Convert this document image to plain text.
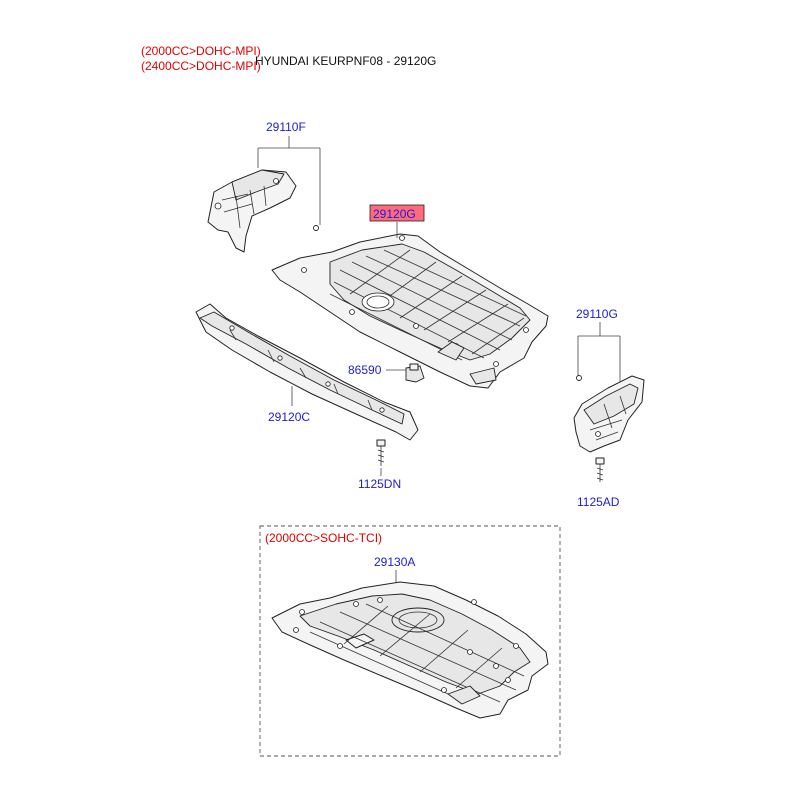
(2000CC>DOHC-MPI)
(2400CC>DOHC-MPI)
HYUNDAI KEURPNF08 - 29120G
29110F
29120G
29120C
86590
1125DN
29110G
1125AD
(2000CC>SOHC-TCI)
29130A
